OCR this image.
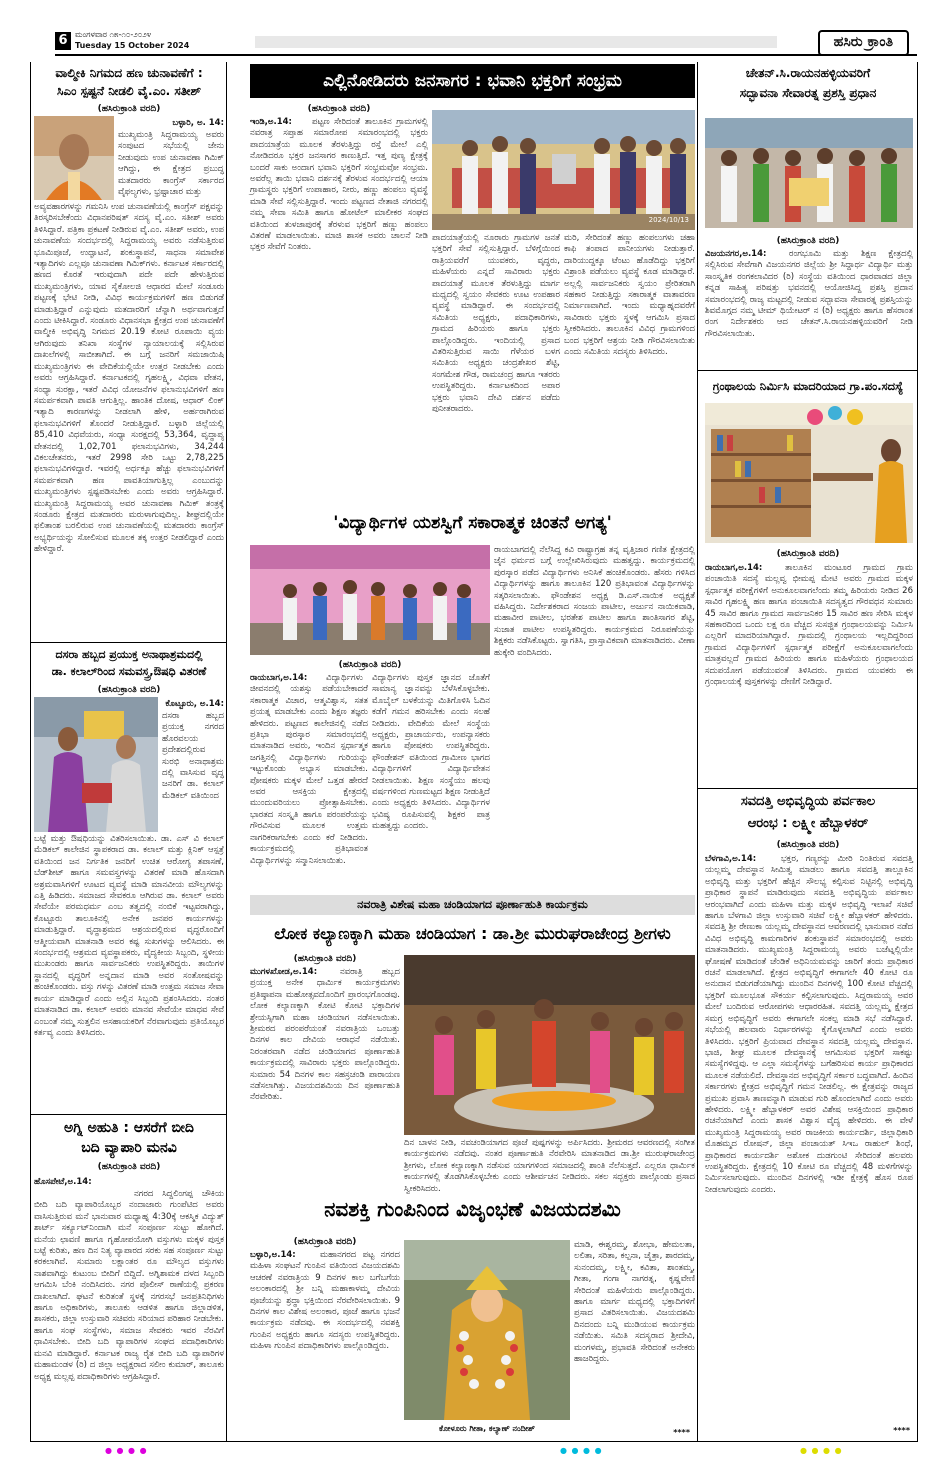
6 ಮಂಗಳವಾರ ೧೫-೧೦-೨೦೨೪
Tuesday 15 October 2024	ಹಸಿರು ಕ್ರಾಂತಿ
ವಾಲ್ಮೀಕಿ ನಿಗಮದ ಹಣ ಚುನಾವಣೆಗೆ :
ಸಿಎಂ ಸ್ಪಷ್ಟನೆ ನೀಡಲಿ ವೈ.ಎಂ. ಸತೀಶ್
(ಹಸಿರುಕ್ರಾಂತಿ ವರದಿ)
ಬಳ್ಳಾರಿ, ಅ. 14:
ಮುಖ್ಯಮಂತ್ರಿ ಸಿದ್ದರಾಮಯ್ಯ ಅವರು ಸಂಪುಟದ ಸಭೆಯಲ್ಲಿ ಜೇನು ನೀಡುವುದು ಉಪ ಚುನಾವಣಾ ಗಿಮಿಕ್ ಆಗಿದ್ದು, ಈ ಕ್ಷೇತ್ರದ ಪ್ರಬುದ್ಧ ಮತದಾರರು ಕಾಂಗ್ರೆಸ್ ಸರ್ಕಾರದ ವೈಫಲ್ಯಗಳು, ಭ್ರಷ್ಟಾಚಾರ ಮತ್ತು
ಅವ್ಯವಹಾರಗಳನ್ನು ಗಮನಿಸಿ ಉಪ ಚುನಾವಣೆಯಲ್ಲಿ ಕಾಂಗ್ರೆಸ್ ಪಕ್ಷವನ್ನು ತಿರಸ್ಕರಿಸಬೇಕೆಂದು ವಿಧಾನಪರಿಷತ್ ಸದಸ್ಯ ವೈ.ಎಂ. ಸತೀಶ್ ಅವರು ತಿಳಿಸಿದ್ದಾರೆ. ಪತ್ರಿಕಾ ಪ್ರಕಟಣೆ ನೀಡಿರುವ ವೈ.ಎಂ. ಸತೀಶ್ ಅವರು, ಉಪ ಚುನಾವಣೆಯ ಸಂದರ್ಭದಲ್ಲಿ ಸಿದ್ದರಾಮಯ್ಯ ಅವರು ನಡೆಸುತ್ತಿರುವ ಭೂಮಿಪೂಜೆ, ಉದ್ಘಾಟನೆ, ಶಂಕುಸ್ಥಾಪನೆ, ಸಾಧನಾ ಸಮಾವೇಶ ಇತ್ಯಾದಿಗಳು ಎಲ್ಲವೂ ಚುನಾವಣಾ ಗಿಮಿಕ್‌ಗಳು. ಕರ್ನಾಟಕ ಸರ್ಕಾರದಲ್ಲಿ ಹಣದ ಕೊರತೆ ಇರುವುದಾಗಿ ಪದೇ ಪದೇ ಹೇಳುತ್ತಿರುವ ಮುಖ್ಯಮಂತ್ರಿಗಳು, ಯಾವ ಸೈಕೋಲಜಿ ಆಧಾರದ ಮೇಲೆ ಸಂಡೂರು ಪಟ್ಟಣಕ್ಕೆ ಭೇಟಿ ನೀಡಿ, ವಿವಿಧ ಕಾರ್ಯಕ್ರಮಗಳಿಗೆ ಹಣ ಬಿಡುಗಡೆ ಮಾಡುತ್ತಿದ್ದಾರೆ ಎನ್ನುವುದು ಮತದಾರರಿಗೆ ಚೆನ್ನಾಗಿ ಅರ್ಥವಾಗುತ್ತದೆ ಎಂದು ಟೀಕಿಸಿದ್ದಾರೆ. ಸಂಡೂರು ವಿಧಾನಸಭಾ ಕ್ಷೇತ್ರದ ಉಪ ಚುನಾವಣೆಗೆ ವಾಲ್ಮೀಕಿ ಅಭಿವೃದ್ಧಿ ನಿಗಮದ 20.19 ಕೋಟಿ ರೂಪಾಯಿ ವ್ಯಯ ಆಗಿರುವುದು ತನಿಖಾ ಸಂಸ್ಥೆಗಳ ನ್ಯಾಯಾಲಯಕ್ಕೆ ಸಲ್ಲಿಸಿರುವ ದಾಖಲೆಗಳಲ್ಲಿ ಸಾಬೀತಾಗಿದೆ. ಈ ಬಗ್ಗೆ ಜನರಿಗೆ ಸಮಜಾಯಿಷಿ ಮುಖ್ಯಮಂತ್ರಿಗಳು ಈ ವೇದಿಕೆಯಲ್ಲಿಯೇ ಉತ್ತರ ನೀಡಬೇಕು ಎಂದು ಅವರು ಆಗ್ರಹಿಸಿದ್ದಾರೆ. ಕರ್ನಾಟಕದಲ್ಲಿ ಗೃಹಲಕ್ಷ್ಮಿ, ವಿಧವಾ ವೇತನ, ಸಂಧ್ಯಾ ಸುರಕ್ಷಾ, ಇತರೆ ವಿವಿಧ ಯೋಜನೆಗಳ ಫಲಾನುಭವಿಗಳಿಗೆ ಹಣ ಸಮರ್ಪಕವಾಗಿ ಪಾವತಿ ಆಗುತ್ತಿಲ್ಲ. ಹಾಂತಿಕ ದೋಷ, ಆಧಾರ್ ಲಿಂಕ್ ಇತ್ಯಾದಿ ಕಾರಣಗಳನ್ನು ನೀಡಲಾಗಿ ಹೇಳಿ, ಅರ್ಹರಾಗಿರುವ ಫಲಾನುಭವಿಗಳಿಗೆ ತೊಂದರೆ ನೀಡುತ್ತಿದ್ದಾರೆ. ಬಳ್ಳಾರಿ ಜಿಲ್ಲೆಯಲ್ಲಿ 85,410 ವಿಧವೆಯರು, ಸಂಧ್ಯಾ ಸುರಕ್ಷದಲ್ಲಿ 53,364, ವೃದ್ಧಾಪ್ಯ ವೇತನದಲ್ಲಿ 1,02,701 ಫಲಾನುಭವಿಗಳು, 34,244 ವಿಕಲಚೇತನರು, ಇತರೆ 2998 ಸೇರಿ ಒಟ್ಟು 2,78,225 ಫಲಾನುಭವಿಗಳಿದ್ದಾರೆ. ಇವರಲ್ಲಿ ಅರ್ಧಕ್ಕೂ ಹೆಚ್ಚು ಫಲಾನುಭವಿಗಳಿಗೆ ಸಮರ್ಪಕವಾಗಿ ಹಣ ಪಾವತಿಯಾಗುತ್ತಿಲ್ಲ ಎಂಬುದನ್ನು ಮುಖ್ಯಮಂತ್ರಿಗಳು ಸ್ಪಷ್ಟಪಡಿಸಬೇಕು ಎಂದು ಅವರು ಆಗ್ರಹಿಸಿದ್ದಾರೆ. ಮುಖ್ಯಮಂತ್ರಿ ಸಿದ್ದರಾಮಯ್ಯ ಅವರ ಚುನಾವಣಾ ಗಿಮಿಕ್ ತಂತ್ರಕ್ಕೆ ಸಂಡೂರು ಕ್ಷೇತ್ರದ ಮತದಾರರು ಮರುಳಾಗುವುದಿಲ್ಲ. ಶೀಘ್ರದಲ್ಲಿಯೇ ಫಲಿತಾಂಶ ಬರಲಿರುವ ಉಪ ಚುನಾವಣೆಯಲ್ಲಿ ಮತದಾರರು ಕಾಂಗ್ರೆಸ್ ಅಭ್ಯರ್ಥಿಯನ್ನು ಸೋಲಿಸುವ ಮೂಲಕ ತಕ್ಕ ಉತ್ತರ ನೀಡಲಿದ್ದಾರೆ ಎಂದು ಹೇಳಿದ್ದಾರೆ.
ದಸರಾ ಹಬ್ಬದ ಪ್ರಯುಕ್ತ ಅನಾಥಾಶ್ರಮದಲ್ಲಿ
ಡಾ. ಕಲಾಲ್‌ರಿಂದ ಸಮವಸ್ತ್ರ,ಔಷಧಿ ವಿತರಣೆ
(ಹಸಿರುಕ್ರಾಂತಿ ವರದಿ)
ಕೊಟ್ಟೂರು, ಅ.14:
ದಸರಾ ಹಬ್ಬದ ಪ್ರಯುಕ್ತ ನಗರದ ಹೊರವಲಯ ಪ್ರದೇಶದಲ್ಲಿರುವ ಸುರಭಿ ಅನಾಥಾಶ್ರಮ ದಲ್ಲಿ ವಾಸಿಸುವ ವೃದ್ಧ ಜನರಿಗೆ ಡಾ. ಕಲಾಲ್ ಮೆಡಿಕಲ್ ವತಿಯಿಂದ
ಬಟ್ಟೆ ಮತ್ತು ಔಷಧಿಯನ್ನು ವಿತರಿಸಲಾಯಿತು. ಡಾ. ಎಸ್ ವಿ ಕಲಾಲ್ ಮೆಡಿಕಲ್ ಕಾಲೇಜಿನ ಸ್ಥಾಪಕರಾದ ಡಾ. ಕಲಾಲ್ ಮತ್ತು ಕ್ಲಿನಿಕ್ ಆಸ್ಪತ್ರೆ ವತಿಯಿಂದ ಜನ ನಿರ್ಗತಿಕ ಜನರಿಗೆ ಉಚಿತ ಆರೋಗ್ಯ ತಪಾಸಣೆ, ಬೆಡ್‌ಶೀಟ್ ಹಾಗೂ ಸಮವಸ್ತ್ರಗಳನ್ನು ವಿತರಣೆ ಮಾಡಿ ಹೊಸದಾಗಿ ಅಶ್ರಮವಾಸಿಗಳಿಗೆ ಊಟದ ವ್ಯವಸ್ಥೆ ಮಾಡಿ ಮಾನವೀಯ ಮೌಲ್ಯಗಳನ್ನು ಎತ್ತಿ ಹಿಡಿದರು. ಸಮಾಜದ ಸೇವಕರೂ ಆಗಿರುವ ಡಾ. ಕಲಾಲ್ ಅವರು ಸೇವೆಯೇ ಪರಮಧರ್ಮ ಎಂಬ ತತ್ವದಲ್ಲಿ ನಂಬಿಕೆ ಇಟ್ಟವರಾಗಿದ್ದು, ಕೊಟ್ಟೂರು ತಾಲೂಕಿನಲ್ಲಿ ಅನೇಕ ಜನಪರ ಕಾರ್ಯಗಳನ್ನು ಮಾಡುತ್ತಿದ್ದಾರೆ. ವೃದ್ಧಾಶ್ರಮದ ಆಶ್ರಯದಲ್ಲಿರುವ ವೃದ್ಧರೊಂದಿಗೆ ಆತ್ಮೀಯವಾಗಿ ಮಾತನಾಡಿ ಅವರ ಕಷ್ಟ ಸುಖಗಳನ್ನು ಆಲಿಸಿದರು. ಈ ಸಂದರ್ಭದಲ್ಲಿ ಆಶ್ರಮದ ವ್ಯವಸ್ಥಾಪಕರು, ವೈದ್ಯಕೀಯ ಸಿಬ್ಬಂದಿ, ಸ್ಥಳೀಯ ಮುಖಂಡರು ಹಾಗೂ ಸಾರ್ವಜನಿಕರು ಉಪಸ್ಥಿತರಿದ್ದರು. ತಾಯಿಗಳ ಸ್ಥಾನದಲ್ಲಿ ವೃದ್ಧರಿಗೆ ಅನ್ನದಾನ ಮಾಡಿ ಅವರ ಸಂತೋಷವನ್ನು ಹಂಚಿಕೊಂಡರು. ವಸ್ತು ಗಳನ್ನು ವಿತರಣೆ ಮಾಡಿ ಉತ್ತಮ ಸಮಾಜ ಸೇವಾ ಕಾರ್ಯ ಮಾಡಿದ್ದಾರೆ ಎಂದು ಅಲ್ಲಿನ ಸಿಬ್ಬಂದಿ ಪ್ರಶಂಸಿಸಿದರು. ನಂತರ ಮಾತನಾಡಿದ ಡಾ. ಕಲಾಲ್ ಅವರು ಮಾನವ ಸೇವೆಯೇ ಮಾಧವ ಸೇವೆ ಎಂಬಂತೆ ನಮ್ಮ ಸುತ್ತಲಿನ ಅಸಹಾಯಕರಿಗೆ ನೆರವಾಗುವುದು ಪ್ರತಿಯೊಬ್ಬರ ಕರ್ತವ್ಯ ಎಂದು ತಿಳಿಸಿದರು.
ಅಗ್ನಿ ಅಹುತಿ : ಆಸರೆಗೆ ಬೀದಿ
ಬದಿ ವ್ಯಾಪಾರಿ ಮನವಿ
(ಹಸಿರುಕ್ರಾಂತಿ ವರದಿ)
ಹೊಸಪೇಟೆ,ಅ.14:
ನಗರದ ಸಿದ್ದಲಿಂಗಪ್ಪ ಚೌಕಿಯ ಬೀದಿ ಬದಿ ವ್ಯಾಪಾರಿಯೊಬ್ಬರ ನಂದಾಜಾರು ಗುಂಪೆಟಿದ ಅವರು ವಾಸಿಸುತ್ತಿರುವ ಮನೆ ಭಾನುವಾರ ಮಧ್ಯಾಹ್ನ 4:30ಕ್ಕೆ ಆಕಸ್ಮಿಕ ವಿದ್ಯುತ್ ಶಾರ್ಟ್ ಸರ್ಕ್ಯೂಟ್‌ನಿಂದಾಗಿ ಮನೆ ಸಂಪೂರ್ಣ ಸುಟ್ಟು ಹೋಗಿದೆ. ಮನೆಯ ಛಾವಣಿ ಹಾಗೂ ಗೃಹೋಪಯೋಗಿ ವಸ್ತುಗಳು ಮಕ್ಕಳ ಪುಸ್ತಕ ಬಟ್ಟೆ ಕುರಿತು, ಹಣ ದಿನ ನಿತ್ಯ ವ್ಯಾಪಾರದ ಸರಕು ಸಹ ಸಂಪೂರ್ಣ ಸುಟ್ಟು ಕರಕಲಾಗಿವೆ. ಸುಮಾರು ಲಕ್ಷಾಂತರ ರೂ ಮೌಲ್ಯದ ವಸ್ತುಗಳು ನಾಶವಾಗಿದ್ದು ಕುಟುಂಬ ಬೀದಿಗೆ ಬಿದ್ದಿದೆ. ಅಗ್ನಿಶಾಮಕ ದಳದ ಸಿಬ್ಬಂದಿ ಆಗಮಿಸಿ ಬೆಂಕಿ ನಂದಿಸಿದರು. ನಗರ ಪೊಲೀಸ್ ಠಾಣೆಯಲ್ಲಿ ಪ್ರಕರಣ ದಾಖಲಾಗಿದೆ. ಘಟನೆ ಕುರಿತಂತೆ ಸ್ಥಳಕ್ಕೆ ನಗರಸಭೆ ಜನಪ್ರತಿನಿಧಿಗಳು ಹಾಗೂ ಅಧಿಕಾರಿಗಳು, ತಾಲೂಕು ಆಡಳಿತ ಹಾಗೂ ಜಿಲ್ಲಾಡಳಿತ, ಶಾಸಕರು, ಜಿಲ್ಲಾ ಉಸ್ತುವಾರಿ ಸಚಿವರು ಸರಿಯಾದ ಪರಿಹಾರ ನೀಡಬೇಕು. ಹಾಗೂ ಸಂಘ ಸಂಸ್ಥೆಗಳು, ಸಮಾಜ ಸೇವಕರು ಇವರ ನೆರವಿಗೆ ಧಾವಿಸಬೇಕು. ಬೀದಿ ಬದಿ ವ್ಯಾಪಾರಿಗಳ ಸಂಘದ ಪದಾಧಿಕಾರಿಗಳು ಮನವಿ ಮಾಡಿದ್ದಾರೆ. ಕರ್ನಾಟಕ ರಾಜ್ಯ ರೈತ ಬೀದಿ ಬದಿ ವ್ಯಾಪಾರಿಗಳ ಮಹಾಮಂಡಳ (ರಿ) ದ ಜಿಲ್ಲಾ ಅಧ್ಯಕ್ಷರಾದ ಸಲೀಂ ಕುಮಾರ್, ತಾಲೂಕು ಅಧ್ಯಕ್ಷ ಮಲ್ಲಪ್ಪ ಪದಾಧಿಕಾರಿಗಳು ಆಗ್ರಹಿಸಿದ್ದಾರೆ.
ಎಲ್ಲಿನೋಡಿದರು ಜನಸಾಗರ : ಭವಾನಿ ಭಕ್ತರಿಗೆ ಸಂಭ್ರಮ
(ಹಸಿರುಕ್ರಾಂತಿ ವರದಿ)
ಇಂಡಿ,ಅ.14:	ಪಟ್ಟಣ ಸೇರಿದಂತೆ ತಾಲೂಕಿನ ಗ್ರಾಮಗಳಲ್ಲಿ ನವರಾತ್ರ ಸಪ್ತಾಹ ಸಮಾರೋಪ ಸಮಾರಂಭದಲ್ಲಿ ಭಕ್ತರು ಪಾದಯಾತ್ರೆಯ ಮೂಲಕ ತೆರಳುತ್ತಿದ್ದು ರಸ್ತೆ ಮೇಲೆ ಎಲ್ಲಿ ನೋಡಿದರೂ ಭಕ್ತರ ಜನಸಾಗರ ಕಾಣುತ್ತಿದೆ. ಇತ್ತ ಪುಣ್ಯ ಕ್ಷೇತ್ರಕ್ಕೆ ಬಂದರೆ ಸಾಕು ಅಂದಾಗ ಭವಾನಿ ಭಕ್ತರಿಗೆ ಸಂಭ್ರಮವೋ ಸಂಭ್ರಮ. ಅವರೆಲ್ಲ ತಾಯಿ ಭವಾನಿ ದರ್ಶನಕ್ಕೆ ತೆರಳುವ ಸಂದರ್ಭದಲ್ಲಿ ಆಯಾ ಗ್ರಾಮಸ್ಥರು ಭಕ್ತರಿಗೆ ಉಪಾಹಾರ, ನೀರು, ಹಣ್ಣು ಹಂಪಲು ವ್ಯವಸ್ಥೆ ಮಾಡಿ ಸೇವೆ ಸಲ್ಲಿಸುತ್ತಿದ್ದಾರೆ. ಇಂದು ಪಟ್ಟಣದ ನೇತಾಜಿ ನಗರದಲ್ಲಿ ನಮ್ಮ ಸೇವಾ ಸಮಿತಿ ಹಾಗೂ ಹೋಟೆಲ್ ಮಾಲೀಕರ ಸಂಘದ ವತಿಯಿಂದ ತುಳಜಾಪುರಕ್ಕೆ ತೆರಳುವ ಭಕ್ತರಿಗೆ ಹಣ್ಣು ಹಂಪಲು ವಿತರಣೆ ಮಾಡಲಾಯಿತು. ಮಾಜಿ ಶಾಸಕ ಅವರು ಚಾಲನೆ ನೀಡಿ ಭಕ್ತರ ಸೇವೆಗೆ ನಿಂತರು.
2024/10/13
ಪಾದಯಾತ್ರೆಯಲ್ಲಿ ನೂರಾರು ಗ್ರಾಮಗಳ ಜನತೆ ಭಕ್ತರಿಗೆ ಸೇವೆ ಸಲ್ಲಿಸುತ್ತಿದ್ದಾರೆ. ಬೆಳಿಗ್ಗೆಯಿಂದ ರಾತ್ರಿಯವರೆಗೆ ಯುವಕರು, ವೃದ್ಧರು, ಮಹಿಳೆಯರು ಎನ್ನದೆ ಸಾವಿರಾರು ಭಕ್ತರು ಪಾದಯಾತ್ರೆ ಮೂಲಕ ತೆರಳುತ್ತಿದ್ದು ಮಾರ್ಗ ಮಧ್ಯದಲ್ಲಿ ಸ್ವಯಂ ಸೇವಕರು ಊಟ ಉಪಹಾರ ವ್ಯವಸ್ಥೆ ಮಾಡಿದ್ದಾರೆ. ಈ ಸಂದರ್ಭದಲ್ಲಿ ಸಮಿತಿಯ ಅಧ್ಯಕ್ಷರು, ಪದಾಧಿಕಾರಿಗಳು, ಗ್ರಾಮದ ಹಿರಿಯರು ಹಾಗೂ ಭಕ್ತರು ಪಾಲ್ಗೊಂಡಿದ್ದರು. ಇಂದಿಯಲ್ಲಿ ಪ್ರಸಾದ ವಿತರಿಸುತ್ತಿರುವ ಸಾಯಿ ಗೆಳೆಯರ ಬಳಗ ಸಮಿತಿಯ ಅಧ್ಯಕ್ಷರು ಚಂದ್ರಶೇಖರ ಶೆಟ್ಟಿ, ಸಂಗಮೇಶ ಗೌಡ, ರಾಮಚಂದ್ರ ಹಾಗೂ ಇತರರು ಉಪಸ್ಥಿತರಿದ್ದರು. ಕರ್ನಾಟಕದಿಂದ ಅಪಾರ ಭಕ್ತರು ಭವಾನಿ ದೇವಿ ದರ್ಶನ ಪಡೆದು ಪುನೀತರಾದರು.
ಮರಿ, ಸೇರಿದಂತೆ ಹಣ್ಣು ಹಂಪಲುಗಳು ಚಹಾ ಕಾಫಿ ತಂಪಾದ ಪಾನೀಯಗಳು ನೀಡುತ್ತಾರೆ. ದಾರಿಯುದ್ದಕ್ಕೂ ಟೆಂಟು ಹೊಡೆದಿದ್ದು ಭಕ್ತರಿಗೆ ವಿಶ್ರಾಂತಿ ಪಡೆಯಲು ವ್ಯವಸ್ಥೆ ಕೂಡ ಮಾಡಿದ್ದಾರೆ. ಅಲ್ಲಲ್ಲಿ ಸಾರ್ವಜನಿಕರು ಸ್ವಯಂ ಪ್ರೇರಿತರಾಗಿ ಸಹಕಾರ ನೀಡುತ್ತಿದ್ದು ಸಕಾರಾತ್ಮಕ ವಾತಾವರಣ ನಿರ್ಮಾಣವಾಗಿದೆ. ಇಂದು ಮಧ್ಯಾಹ್ನದವರೆಗೆ ಸಾವಿರಾರು ಭಕ್ತರು ಸ್ಥಳಕ್ಕೆ ಆಗಮಿಸಿ ಪ್ರಸಾದ ಸ್ವೀಕರಿಸಿದರು. ತಾಲೂಕಿನ ವಿವಿಧ ಗ್ರಾಮಗಳಿಂದ ಬಂದ ಭಕ್ತರಿಗೆ ಆಶ್ರಯ ನೀಡಿ ಗೌರವಿಸಲಾಯಿತು ಎಂದು ಸಮಿತಿಯ ಸದಸ್ಯರು ತಿಳಿಸಿದರು.
'ವಿದ್ಯಾರ್ಥಿಗಳ ಯಶಸ್ವಿಗೆ ಸಕಾರಾತ್ಮಕ ಚಿಂತನೆ ಅಗತ್ಯ'
(ಹಸಿರುಕ್ರಾಂತಿ ವರದಿ)
ರಾಯಬಾಗ,ಅ.14:	ವಿದ್ಯಾರ್ಥಿಗಳು ಜೀವನದಲ್ಲಿ ಯಶಸ್ಸು ಪಡೆಯಬೇಕಾದರೆ ಸಕಾರಾತ್ಮಕ ವಿಚಾರ, ಆತ್ಮವಿಶ್ವಾಸ, ಸತತ ಪ್ರಯತ್ನ ಮಾಡಬೇಕು ಎಂದು ಶಿಕ್ಷಣ ತಜ್ಞರು ಹೇಳಿದರು. ಪಟ್ಟಣದ ಕಾಲೇಜಿನಲ್ಲಿ ನಡೆದ ಪ್ರತಿಭಾ ಪುರಸ್ಕಾರ ಸಮಾರಂಭದಲ್ಲಿ ಮಾತನಾಡಿದ ಅವರು, ಇಂದಿನ ಸ್ಪರ್ಧಾತ್ಮಕ ಜಗತ್ತಿನಲ್ಲಿ ವಿದ್ಯಾರ್ಥಿಗಳು ಗುರಿಯನ್ನು ಇಟ್ಟುಕೊಂಡು ಅಭ್ಯಾಸ ಮಾಡಬೇಕು. ಪೋಷಕರು ಮಕ್ಕಳ ಮೇಲೆ ಒತ್ತಡ ಹೇರದೆ ಅವರ ಆಸಕ್ತಿಯ ಕ್ಷೇತ್ರದಲ್ಲಿ ಮುಂದುವರಿಯಲು ಪ್ರೋತ್ಸಾಹಿಸಬೇಕು. ಭಾರತದ ಸಂಸ್ಕೃತಿ ಹಾಗೂ ಪರಂಪರೆಯನ್ನು ಗೌರವಿಸುವ ಮೂಲಕ ಉತ್ತಮ ನಾಗರಿಕರಾಗಬೇಕು ಎಂದು ಕರೆ ನೀಡಿದರು. ಕಾರ್ಯಕ್ರಮದಲ್ಲಿ ಪ್ರತಿಭಾವಂತ ವಿದ್ಯಾರ್ಥಿಗಳನ್ನು ಸನ್ಮಾನಿಸಲಾಯಿತು.
ವಿದ್ಯಾರ್ಥಿಗಳು ಪುಸ್ತಕ ಜ್ಞಾನದ ಜೊತೆಗೆ ಸಾಮಾನ್ಯ ಜ್ಞಾನವನ್ನು ಬೆಳೆಸಿಕೊಳ್ಳಬೇಕು. ಮೊಬೈಲ್ ಬಳಕೆಯನ್ನು ಮಿತಿಗೊಳಿಸಿ ಓದಿನ ಕಡೆಗೆ ಗಮನ ಹರಿಸಬೇಕು ಎಂದು ಸಲಹೆ ನೀಡಿದರು. ವೇದಿಕೆಯ ಮೇಲೆ ಸಂಸ್ಥೆಯ ಅಧ್ಯಕ್ಷರು, ಪ್ರಾಚಾರ್ಯರು, ಉಪನ್ಯಾಸಕರು ಹಾಗೂ ಪೋಷಕರು ಉಪಸ್ಥಿತರಿದ್ದರು. ಫೌಂಡೇಶನ್ ವತಿಯಿಂದ ಗ್ರಾಮೀಣ ಭಾಗದ ವಿದ್ಯಾರ್ಥಿಗಳಿಗೆ ವಿದ್ಯಾರ್ಥಿವೇತನ ನೀಡಲಾಯಿತು. ಶಿಕ್ಷಣ ಸಂಸ್ಥೆಯು ಹಲವು ವರ್ಷಗಳಿಂದ ಗುಣಮಟ್ಟದ ಶಿಕ್ಷಣ ನೀಡುತ್ತಿದೆ ಎಂದು ಅಧ್ಯಕ್ಷರು ತಿಳಿಸಿದರು. ವಿದ್ಯಾರ್ಥಿಗಳ ಭವಿಷ್ಯ ರೂಪಿಸುವಲ್ಲಿ ಶಿಕ್ಷಕರ ಪಾತ್ರ ಮಹತ್ವದ್ದು ಎಂದರು.
ರಾಯಬಾಗದಲ್ಲಿ ನೆಲೆಸಿದ್ದ ಕವಿ ರಾಷ್ಟ್ರಾಗ್ರಹ ತನ್ನ ವೃತ್ತಿಜಾರ ಗಣಿತ ಕ್ಷೇತ್ರದಲ್ಲಿ ಜೈನ ಧರ್ಮದ ಬಗ್ಗೆ ಉಲ್ಲೇಖಿಸಿರುವುದು ಮಹತ್ವದ್ದು. ಕಾರ್ಯಕ್ರಮದಲ್ಲಿ ಪುರಸ್ಕಾರ ಪಡೆದ ವಿದ್ಯಾರ್ಥಿಗಳು ಅನಿಸಿಕೆ ಹಂಚಿಕೊಂಡರು. ಹೆಸರು ಗಳಿಸಿದ ವಿದ್ಯಾರ್ಥಿಗಳನ್ನು ಹಾಗೂ ತಾಲೂಕಿನ 120 ಪ್ರತಿಭಾವಂತ ವಿದ್ಯಾರ್ಥಿಗಳನ್ನು ಸತ್ಕರಿಸಲಾಯಿತು. ಫೌಂಡೇಶನ ಅಧ್ಯಕ್ಷ ಡಿ.ಎಸ್.ನಾಯಿಕ ಅಧ್ಯಕ್ಷತೆ ವಹಿಸಿದ್ದರು. ನಿರ್ದೇಶಕರಾದ ಸಂಜಯ ಪಾಟೀಲ, ಅರ್ಜುನ ನಾಯಿಕವಾಡಿ, ಮಹಾವೀರ ಪಾಟೀಲ, ಭರತೇಶ ಪಾಟೀಲ ಹಾಗೂ ಶಾಂತಿಸಾಗರ ಶೆಟ್ಟಿ, ಸುಜಾತ ಪಾಟೀಲ ಉಪಸ್ಥಿತರಿದ್ದರು. ಕಾರ್ಯಕ್ರಮದ ನಿರೂಪಣೆಯನ್ನು ಶಿಕ್ಷಕರು ನಡೆಸಿಕೊಟ್ಟರು. ಸ್ವಾಗತಿಸಿ, ಪ್ರಾಸ್ತಾವಿಕವಾಗಿ ಮಾತನಾಡಿದರು. ವೀಣಾ ಹುಕ್ಕೇರಿ ವಂದಿಸಿದರು.
ನವರಾತ್ರಿ ವಿಶೇಷ ಮಹಾ ಚಂಡಿಯಾಗದ ಪೂರ್ಣಾಹುತಿ ಕಾರ್ಯಕ್ರಮ
ಲೋಕ ಕಲ್ಯಾಣಕ್ಕಾಗಿ ಮಹಾ ಚಂಡಿಯಾಗ : ಡಾ.ಶ್ರೀ ಮುರುಘರಾಜೇಂದ್ರ ಶ್ರೀಗಳು
(ಹಸಿರುಕ್ರಾಂತಿ ವರದಿ)
ಮುಗಳಖೋಡ,ಅ.14:	ನವರಾತ್ರಿ ಹಬ್ಬದ ಪ್ರಯುಕ್ತ ಅನೇಕ ಧಾರ್ಮಿಕ ಕಾರ್ಯಕ್ರಮಗಳು ಪ್ರತಿಷ್ಠಾಪನಾ ಮಹೋತ್ಸವದೊಂದಿಗೆ ಪ್ರಾರಂಭಗೊಂಡವು. ಲೋಕ ಕಲ್ಯಾಣಕ್ಕಾಗಿ ಕೋಟಿ ಕೋಟಿ ಭಕ್ತಾದಿಗಳ ಶ್ರೇಯಸ್ಸಿಗಾಗಿ ಮಹಾ ಚಂಡಿಯಾಗ ನಡೆಸಲಾಯಿತು. ಶ್ರೀಮಠದ ಪರಂಪರೆಯಂತೆ ನವರಾತ್ರಿಯ ಒಂಬತ್ತು ದಿನಗಳ ಕಾಲ ದೇವಿಯ ಆರಾಧನೆ ನಡೆಯಿತು. ನಿರಂತರವಾಗಿ ನಡೆದ ಚಂಡಿಯಾಗದ ಪೂರ್ಣಾಹುತಿ ಕಾರ್ಯಕ್ರಮದಲ್ಲಿ ಸಾವಿರಾರು ಭಕ್ತರು ಪಾಲ್ಗೊಂಡಿದ್ದರು. ಸುಮಾರು 54 ದಿನಗಳ ಕಾಲ ಸಹಸ್ರಚಂಡಿ ಪಾರಾಯಣ ನಡೆಸಲಾಗಿತ್ತು. ವಿಜಯದಶಮಿಯ ದಿನ ಪೂರ್ಣಾಹುತಿ ನೆರವೇರಿತು.
ದಿನ ಬಾಳನ ನೀಡಿ, ನವಚಂಡಿಯಾಗದ ಪೂಜೆ ಪುಷ್ಪಗಳನ್ನು ಅರ್ಪಿಸಿದರು. ಶ್ರೀಮಠದ ಆವರಣದಲ್ಲಿ ಸಂಗೀತ ಕಾರ್ಯಕ್ರಮಗಳು ನಡೆದವು. ನಂತರ ಪೂರ್ಣಾಹುತಿ ನೆರವೇರಿಸಿ ಮಾತನಾಡಿದ ಡಾ.ಶ್ರೀ ಮುರುಘರಾಜೇಂದ್ರ ಶ್ರೀಗಳು, ಲೋಕ ಕಲ್ಯಾಣಕ್ಕಾಗಿ ನಡೆಸುವ ಯಾಗಗಳಿಂದ ಸಮಾಜದಲ್ಲಿ ಶಾಂತಿ ನೆಲೆಸುತ್ತದೆ. ಎಲ್ಲರೂ ಧಾರ್ಮಿಕ ಕಾರ್ಯಗಳಲ್ಲಿ ತೊಡಗಿಸಿಕೊಳ್ಳಬೇಕು ಎಂದು ಆಶೀರ್ವಚನ ನೀಡಿದರು. ಸಕಲ ಸದ್ಭಕ್ತರು ಪಾಲ್ಗೊಂಡು ಪ್ರಸಾದ ಸ್ವೀಕರಿಸಿದರು.
ನವಶಕ್ತಿ ಗುಂಪಿನಿಂದ ವಿಜೃಂಭಣೆ ವಿಜಯದಶಮಿ
(ಹಸಿರುಕ್ರಾಂತಿ ವರದಿ)
ಬಳ್ಳಾರಿ,ಅ.14:	ಮಹಾನಗರದ ಪಟ್ಟ ನಗರದ ಮಹಿಳಾ ಸಂಘಟನೆ ಗುಂಪಿನ ವತಿಯಿಂದ ವಿಜಯದಶಮಿ ಆಚರಣೆ ನವರಾತ್ರಿಯ 9 ದಿನಗಳ ಕಾಲ ಬಗೆಬಗೆಯ ಅಲಂಕಾರದಲ್ಲಿ ಶ್ರೀ ಬನ್ನಿ ಮಹಾಕಾಳಮ್ಮ ದೇವಿಯ ಪೂಜೆಯನ್ನು ಶ್ರದ್ಧಾ ಭಕ್ತಿಯಿಂದ ನೆರವೇರಿಸಲಾಯಿತು. 9 ದಿನಗಳ ಕಾಲ ವಿಶೇಷ ಅಲಂಕಾರ, ಪೂಜೆ ಹಾಗೂ ಭಜನೆ ಕಾರ್ಯಕ್ರಮ ನಡೆದವು. ಈ ಸಂದರ್ಭದಲ್ಲಿ ನವಶಕ್ತಿ ಗುಂಪಿನ ಅಧ್ಯಕ್ಷರು ಹಾಗೂ ಸದಸ್ಯರು ಉಪಸ್ಥಿತರಿದ್ದರು. ಮಹಿಳಾ ಗುಂಪಿನ ಪದಾಧಿಕಾರಿಗಳು ಪಾಲ್ಗೊಂಡಿದ್ದರು.
ಕೋಳೂರು ಗೀತಾ, ಕಲ್ಯಾಣ್ ನಂದೀಶ್
ಮಾಡಿ, ಈಶ್ವರಮ್ಮ, ಶೋಭಾ, ಹೇಮಲತಾ, ಲಲಿತಾ, ಸರಿತಾ, ಕಲ್ಪನಾ, ಚೈತ್ರಾ, ಶಾರದಮ್ಮ, ಸುನಂದಮ್ಮ, ಲಕ್ಷ್ಮೀ, ಕವಿತಾ, ಶಾಂತಮ್ಮ, ಗೀತಾ, ಗಂಗಾ ನಾಗರತ್ನ, ಕೃಷ್ಣವೇಣಿ ಸೇರಿದಂತೆ ಮಹಿಳೆಯರು ಪಾಲ್ಗೊಂಡಿದ್ದರು. ಹಾಗೂ ಮಾರ್ಗ ಮಧ್ಯದಲ್ಲಿ ಭಕ್ತಾದಿಗಳಿಗೆ ಪ್ರಸಾದ ವಿತರಿಸಲಾಯಿತು. ವಿಜಯದಶಮಿ ದಿನದಂದು ಬನ್ನಿ ಮುಡಿಯುವ ಕಾರ್ಯಕ್ರಮ ನಡೆಯಿತು. ಸಮಿತಿ ಸದಸ್ಯರಾದ ಶ್ರೀದೇವಿ, ಮಂಗಳಮ್ಮ, ಪ್ರಭಾವತಿ ಸೇರಿದಂತೆ ಅನೇಕರು ಹಾಜರಿದ್ದರು.
****
ಚೇತನ್.ಸಿ.ರಾಯನಹಳ್ಳಿಯವರಿಗೆ
ಸದ್ಭಾವನಾ ಸೇವಾರತ್ನ ಪ್ರಶಸ್ತಿ ಪ್ರಧಾನ
(ಹಸಿರುಕ್ರಾಂತಿ ವರದಿ)
ವಿಜಯನಗರ,ಅ.14:	ರಂಗಭೂಮಿ ಮತ್ತು ಶಿಕ್ಷಣ ಕ್ಷೇತ್ರದಲ್ಲಿ ಸಲ್ಲಿಸಿರುವ ಸೇವೆಗಾಗಿ ವಿಜಯನಗರ ಜಿಲ್ಲೆಯ ಶ್ರೀ ಸಿದ್ದಾರ್ಥ ವಿದ್ಯಾರ್ಥಿ ಮತ್ತು ಸಾಂಸ್ಕೃತಿಕ ರಂಗಕಲಾವಿದರ (ರಿ) ಸಂಸ್ಥೆಯ ವತಿಯಿಂದ ಧಾರವಾಡದ ಜಿಲ್ಲಾ ಕನ್ನಡ ಸಾಹಿತ್ಯ ಪರಿಷತ್ತು ಭವನದಲ್ಲಿ ಆಯೋಜಿಸಿದ್ದ ಪ್ರಶಸ್ತಿ ಪ್ರದಾನ ಸಮಾರಂಭದಲ್ಲಿ ರಾಜ್ಯ ಮಟ್ಟದಲ್ಲಿ ನೀಡುವ ಸದ್ಭಾವನಾ ಸೇವಾರತ್ನ ಪ್ರಶಸ್ತಿಯನ್ನು ಶಿವಮೊಗ್ಗದ ನಮ್ಮ ಟೀಮ್ ಥಿಯೇಟರ್ ನ (ರಿ) ಅಧ್ಯಕ್ಷರು ಹಾಗೂ ಹೆಸರಾಂತ ರಂಗ ನಿರ್ದೇಶಕರು ಆದ ಚೇತನ್.ಸಿ.ರಾಯನಹಳ್ಳಿಯವರಿಗೆ ನೀಡಿ ಗೌರವಿಸಲಾಯಿತು.
ಗ್ರಂಥಾಲಯ ನಿರ್ಮಿಸಿ ಮಾದರಿಯಾದ ಗ್ರಾ.ಪಂ.ಸದಸ್ಯೆ
(ಹಸಿರುಕ್ರಾಂತಿ ವರದಿ)
ರಾಯಬಾಗ,ಅ.14:	ತಾಲೂಕಿನ ಮಂಟೂರ ಗ್ರಾಮದ ಗ್ರಾಮ ಪಂಚಾಯಿತಿ ಸದಸ್ಯೆ ಮಲ್ಲವ್ವ ಭೀಮಪ್ಪ ಮೇಟಿ ಅವರು ಗ್ರಾಮದ ಮಕ್ಕಳ ಸ್ಪರ್ಧಾತ್ಮಕ ಪರೀಕ್ಷೆಗಳಿಗೆ ಅನುಕೂಲವಾಗಲೆಂದು ತಮ್ಮ ಹಿರಿಯರು ನೀಡಿದ 26 ಸಾವಿರ ಗೃಹಲಕ್ಷ್ಮಿ ಹಣ ಹಾಗೂ ಪಂಚಾಯಿತಿ ಸದಸ್ಯತ್ವದ ಗೌರವಧನ ಸುಮಾರು 45 ಸಾವಿರ ಹಾಗೂ ಗ್ರಾಮದ ಸಾರ್ವಜನಿಕರ 15 ಸಾವಿರ ಹಣ ಸೇರಿಸಿ ಮಕ್ಕಳ ಸಹಕಾರದಿಂದ ಒಂದು ಲಕ್ಷ ರೂ ವೆಚ್ಚದ ಸುಸಜ್ಜಿತ ಗ್ರಂಥಾಲಯವನ್ನು ನಿರ್ಮಿಸಿ ಎಲ್ಲರಿಗೆ ಮಾದರಿಯಾಗಿದ್ದಾರೆ. ಗ್ರಾಮದಲ್ಲಿ ಗ್ರಂಥಾಲಯ ಇಲ್ಲದಿದ್ದರಿಂದ ಗ್ರಾಮದ ವಿದ್ಯಾರ್ಥಿಗಳಿಗೆ ಸ್ಪರ್ಧಾತ್ಮಕ ಪರೀಕ್ಷೆಗೆ ಅನುಕೂಲವಾಗಲೆಂದು ಮಾತ್ರವಲ್ಲದೆ ಗ್ರಾಮದ ಹಿರಿಯರು ಹಾಗೂ ಮಹಿಳೆಯರು ಗ್ರಂಥಾಲಯದ ಸದುಪಯೋಗ ಪಡೆಯುವಂತೆ ತಿಳಿಸಿದರು. ಗ್ರಾಮದ ಯುವಕರು ಈ ಗ್ರಂಥಾಲಯಕ್ಕೆ ಪುಸ್ತಕಗಳನ್ನು ದೇಣಿಗೆ ನೀಡಿದ್ದಾರೆ.
ಸವದತ್ತಿ ಅಭಿವೃದ್ಧಿಯ ಪರ್ವಕಾಲ
ಆರಂಭ : ಲಕ್ಷ್ಮೀ ಹೆಬ್ಬಾಳಕರ್
(ಹಸಿರುಕ್ರಾಂತಿ ವರದಿ)
ಬೆಳಗಾವಿ,ಅ.14:	ಭಕ್ತರ, ಗಣ್ಯರನ್ನು ಮೀರಿ ನಿಂತಿರುವ ಸವದತ್ತಿ ಯಲ್ಲಮ್ಮ ದೇವಸ್ಥಾನ ಸೀಮಿತ್ವ ಮಾಡಲು ಹಾಗೂ ಸವದತ್ತಿ ತಾಲ್ಲೂಕಿನ ಅಭಿವೃದ್ಧಿ ಮತ್ತು ಭಕ್ತರಿಗೆ ಹೆಚ್ಚಿನ ಸೌಲಭ್ಯ ಕಲ್ಪಿಸುವ ನಿಟ್ಟಿನಲ್ಲಿ ಅಭಿವೃದ್ಧಿ ಪ್ರಾಧಿಕಾರ ಸ್ಥಾಪನೆ ಮಾಡಿರುವುದು ಸವದತ್ತಿ ಅಭಿವೃದ್ಧಿಯ ಪರ್ವಕಾಲ ಆರಂಭವಾಗಿದೆ ಎಂದು ಮಹಿಳಾ ಮತ್ತು ಮಕ್ಕಳ ಅಭಿವೃದ್ಧಿ ಇಲಾಖೆ ಸಚಿವೆ ಹಾಗೂ ಬೆಳಗಾವಿ ಜಿಲ್ಲಾ ಉಸ್ತುವಾರಿ ಸಚಿವೆ ಲಕ್ಷ್ಮೀ ಹೆಬ್ಬಾಳಕರ್ ಹೇಳಿದರು. ಸವದತ್ತಿ ಶ್ರೀ ರೇಣುಕಾ ಯಲ್ಲಮ್ಮ ದೇವಸ್ಥಾನದ ಆವರಣದಲ್ಲಿ ಭಾನುವಾರ ನಡೆದ ವಿವಿಧ ಅಭಿವೃದ್ಧಿ ಕಾಮಗಾರಿಗಳ ಶಂಕುಸ್ಥಾಪನೆ ಸಮಾರಂಭದಲ್ಲಿ ಅವರು ಮಾತನಾಡಿದರು. ಮುಖ್ಯಮಂತ್ರಿ ಸಿದ್ದರಾಮಯ್ಯ ಅವರು ಬಜೆಟ್ನಲ್ಲಿಯೇ ಘೋಷಣೆ ಮಾಡಿದಂತೆ ಚೆಂಡಿಕೆ ಅಧಿನಿಯಮವನ್ನು ಜಾರಿಗೆ ತಂದು ಪ್ರಾಧಿಕಾರ ರಚನೆ ಮಾಡಲಾಗಿದೆ. ಕ್ಷೇತ್ರದ ಅಭಿವೃದ್ಧಿಗೆ ಈಗಾಗಲೇ 40 ಕೋಟಿ ರೂ ಅನುದಾನ ಬಿಡುಗಡೆಯಾಗಿದ್ದು ಮುಂದಿನ ದಿನಗಳಲ್ಲಿ 100 ಕೋಟಿ ವೆಚ್ಚದಲ್ಲಿ ಭಕ್ತರಿಗೆ ಮೂಲಭೂತ ಸೌಕರ್ಯ ಕಲ್ಪಿಸಲಾಗುವುದು. ಸಿದ್ದರಾಮಯ್ಯ ಅವರ ಮೇಲೆ ಬಂದಿರುವ ಆರೋಪಗಳು ಆಧಾರರಹಿತ. ಸವದತ್ತಿ ಯಲ್ಲಮ್ಮ ಕ್ಷೇತ್ರದ ಸಮಗ್ರ ಅಭಿವೃದ್ಧಿಗೆ ಅವರು ಈಗಾಗಲೇ ಸಂಕಲ್ಪ ಮಾಡಿ ಸಭೆ ನಡೆಸಿದ್ದಾರೆ. ಸಭೆಯಲ್ಲಿ ಹಲವಾರು ನಿರ್ಧಾರಗಳನ್ನು ಕೈಗೊಳ್ಳಲಾಗಿದೆ ಎಂದು ಅವರು ತಿಳಿಸಿದರು. ಭಕ್ತರಿಗೆ ಪ್ರಿಯವಾದ ದೇವಸ್ಥಾನ ಸವದತ್ತಿ ಯಲ್ಲಮ್ಮ ದೇವಸ್ಥಾನ. ಭಾಜಿ, ಶೀಘ್ರ ಮೂಲಕ ದೇವಸ್ಥಾನಕ್ಕೆ ಆಗಮಿಸುವ ಭಕ್ತರಿಗೆ ಸಾಕಷ್ಟು ಸಮಸ್ಯೆಗಳಿದ್ದವು. ಆ ಎಲ್ಲಾ ಸಮಸ್ಯೆಗಳನ್ನು ಬಗೆಹರಿಸುವ ಕಾರ್ಯ ಪ್ರಾಧಿಕಾರದ ಮೂಲಕ ನಡೆಯಲಿದೆ. ದೇವಸ್ಥಾನದ ಅಭಿವೃದ್ಧಿಗೆ ಸರ್ಕಾರ ಬದ್ಧವಾಗಿದೆ. ಹಿಂದಿನ ಸರ್ಕಾರಗಳು ಕ್ಷೇತ್ರದ ಅಭಿವೃದ್ಧಿಗೆ ಗಮನ ನೀಡಲಿಲ್ಲ. ಈ ಕ್ಷೇತ್ರವನ್ನು ರಾಜ್ಯದ ಪ್ರಮುಖ ಪ್ರವಾಸಿ ತಾಣವನ್ನಾಗಿ ಮಾಡುವ ಗುರಿ ಹೊಂದಲಾಗಿದೆ ಎಂದು ಅವರು ಹೇಳಿದರು. ಲಕ್ಷ್ಮೀ ಹೆಬ್ಬಾಳಕರ್ ಅವರ ವಿಶೇಷ ಆಸಕ್ತಿಯಿಂದ ಪ್ರಾಧಿಕಾರ ರಚನೆಯಾಗಿದೆ ಎಂದು ಶಾಸಕ ವಿಶ್ವಾಸ ವೈದ್ಯ ಹೇಳಿದರು. ಈ ವೇಳೆ ಮುಖ್ಯಮಂತ್ರಿ ಸಿದ್ದರಾಮಯ್ಯ ಅವರ ರಾಜಕೀಯ ಕಾರ್ಯದರ್ಶಿ, ಜಿಲ್ಲಾಧಿಕಾರಿ ಮೊಹಮ್ಮದ ರೋಷನ್, ಜಿಲ್ಲಾ ಪಂಚಾಯತ್ ಸಿಇಒ ರಾಹುಲ್ ಶಿಂಧೆ, ಪ್ರಾಧಿಕಾರದ ಕಾರ್ಯದರ್ಶಿ ಅಶೋಕ ದುಡಗುಂಟಿ ಸೇರಿದಂತೆ ಹಲವರು ಉಪಸ್ಥಿತರಿದ್ದರು. ಕ್ಷೇತ್ರದಲ್ಲಿ 10 ಕೋಟಿ ರೂ ವೆಚ್ಚದಲ್ಲಿ 48 ಮಳಿಗೆಗಳನ್ನು ನಿರ್ಮಿಸಲಾಗುವುದು. ಮುಂದಿನ ದಿನಗಳಲ್ಲಿ ಇಡೀ ಕ್ಷೇತ್ರಕ್ಕೆ ಹೊಸ ರೂಪ ನೀಡಲಾಗುವುದು ಎಂದರು.
****
● ● ● ●	● ● ● ●	● ● ● ●
